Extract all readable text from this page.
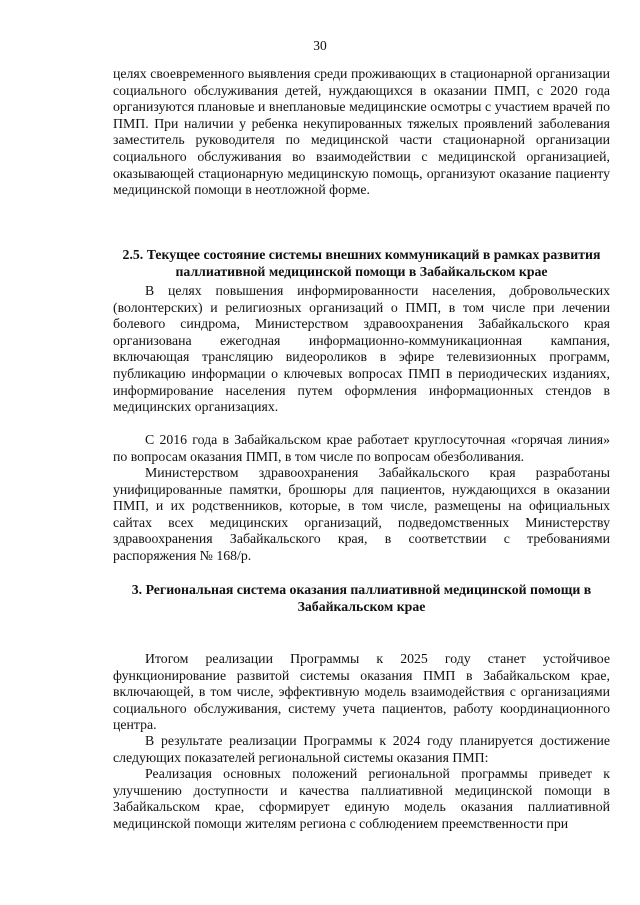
30

целях своевременного выявления среди проживающих в стационарной организации социального обслуживания детей, нуждающихся в оказании ПМП, с 2020 года организуются плановые и внеплановые медицинские осмотры с участием врачей по ПМП. При наличии у ребенка некупированных тяжелых проявлений заболевания заместитель руководителя по медицинской части стационарной организации социального обслуживания во взаимодействии с медицинской организацией, оказывающей стационарную медицинскую помощь, организуют оказание пациенту медицинской помощи в неотложной форме.

2.5. Текущее состояние системы внешних коммуникаций в рамках развития паллиативной медицинской помощи в Забайкальском крае

В целях повышения информированности населения, добровольческих (волонтерских) и религиозных организаций о ПМП, в том числе при лечении болевого синдрома, Министерством здравоохранения Забайкальского края организована ежегодная информационно-коммуникационная кампания, включающая трансляцию видеороликов в эфире телевизионных программ, публикацию информации о ключевых вопросах ПМП в периодических изданиях, информирование населения путем оформления информационных стендов в медицинских организациях.

С 2016 года в Забайкальском крае работает круглосуточная «горячая линия» по вопросам оказания ПМП, в том числе по вопросам обезболивания.

Министерством здравоохранения Забайкальского края разработаны унифицированные памятки, брошюры для пациентов, нуждающихся в оказании ПМП, и их родственников, которые, в том числе, размещены на официальных сайтах всех медицинских организаций, подведомственных Министерству здравоохранения Забайкальского края, в соответствии с требованиями распоряжения № 168/р.

3. Региональная система оказания паллиативной медицинской помощи в Забайкальском крае

Итогом реализации Программы к 2025 году станет устойчивое функционирование развитой системы оказания ПМП в Забайкальском крае, включающей, в том числе, эффективную модель взаимодействия с организациями социального обслуживания, систему учета пациентов, работу координационного центра.

В результате реализации Программы к 2024 году планируется достижение следующих показателей региональной системы оказания ПМП:

Реализация основных положений региональной программы приведет к улучшению доступности и качества паллиативной медицинской помощи в Забайкальском крае, сформирует единую модель оказания паллиативной медицинской помощи жителям региона с соблюдением преемственности при
